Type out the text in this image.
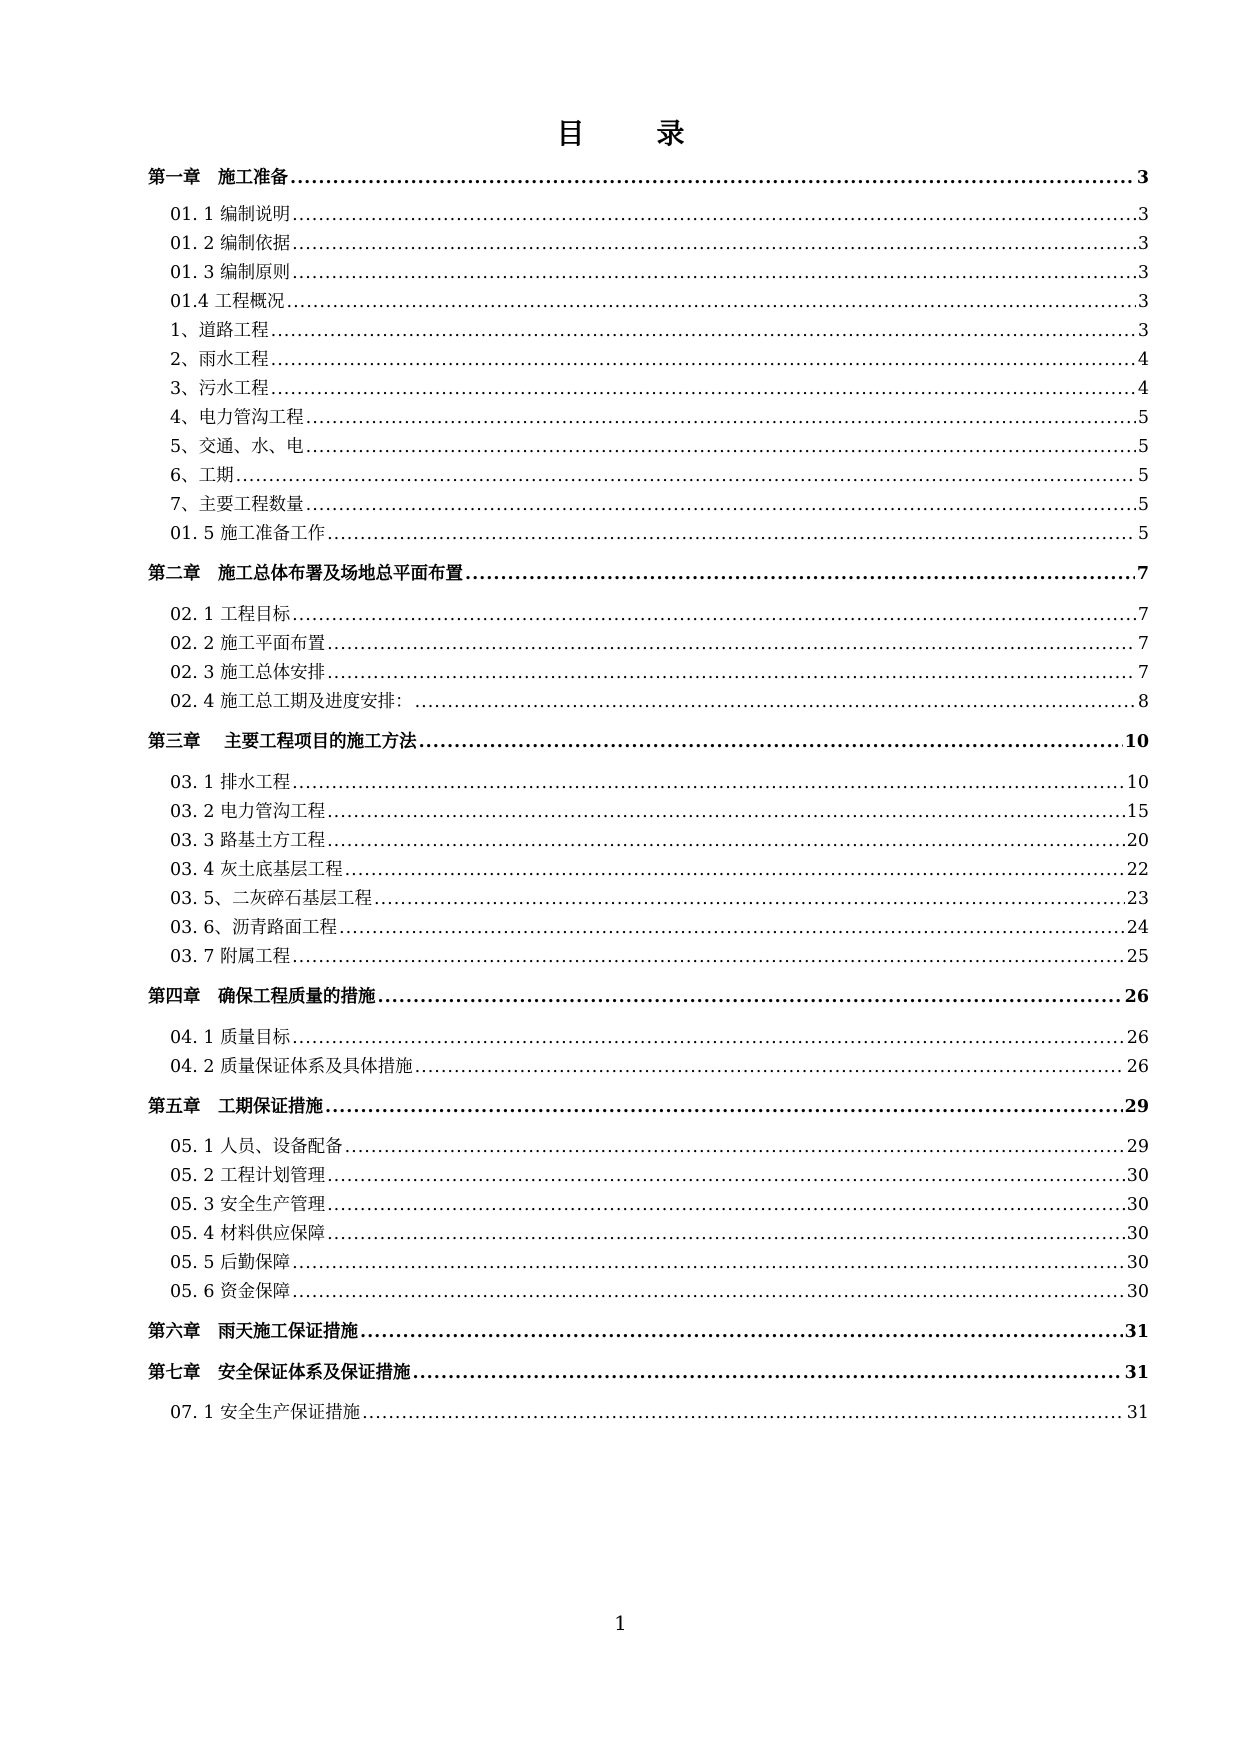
目　录
第一章　施工准备 .....	3
01. 1 编制说明 .....	3
01. 2 编制依据 .....	3
01. 3 编制原则 .....	3
01.4 工程概况 .....	3
1、道路工程 .....	3
2、雨水工程 .....	4
3、污水工程 .....	4
4、电力管沟工程 .....	5
5、交通、水、电 .....	5
6、工期 .....	5
7、主要工程数量 .....	5
01. 5 施工准备工作 .....	5
第二章　施工总体布署及场地总平面布置 .....	7
02. 1 工程目标 .....	7
02. 2 施工平面布置 .....	7
02. 3 施工总体安排 .....	7
02. 4 施工总工期及进度安排： .....	8
第三章　 主要工程项目的施工方法 .....	10
03. 1 排水工程 .....	10
03. 2 电力管沟工程 .....	15
03. 3 路基土方工程 .....	20
03. 4 灰土底基层工程 .....	22
03. 5、二灰碎石基层工程 .....	23
03. 6、沥青路面工程 .....	24
03. 7 附属工程 .....	25
第四章　确保工程质量的措施 .....	26
04. 1 质量目标 .....	26
04. 2 质量保证体系及具体措施 .....	26
第五章　工期保证措施 .....	29
05. 1 人员、设备配备 .....	29
05. 2 工程计划管理 .....	30
05. 3 安全生产管理 .....	30
05. 4 材料供应保障 .....	30
05. 5 后勤保障 .....	30
05. 6 资金保障 .....	30
第六章　雨天施工保证措施 .....	31
第七章　安全保证体系及保证措施 .....	31
07. 1 安全生产保证措施 .....	31
1
